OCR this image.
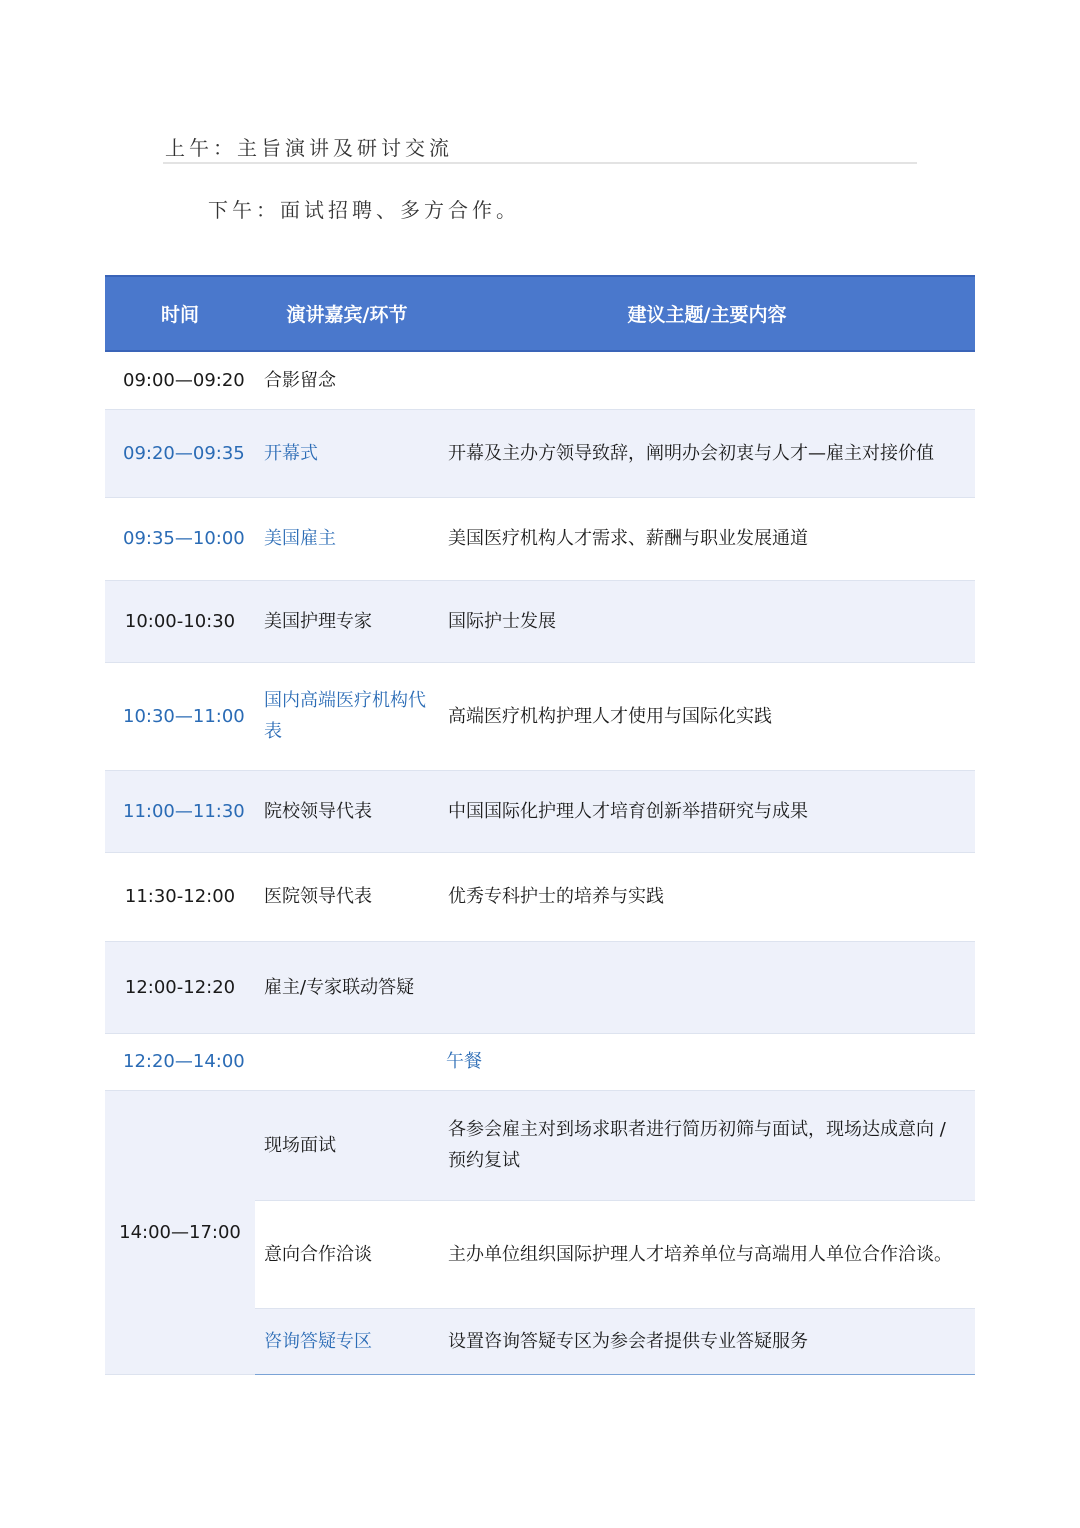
上午：主旨演讲及研讨交流
下午：面试招聘、多方合作。
时间	演讲嘉宾/环节	建议主题/主要内容
09:00—09:20	合影留念	
09:20—09:35	开幕式	开幕及主办方领导致辞，阐明办会初衷与人才—雇主对接价值
09:35—10:00	美国雇主	美国医疗机构人才需求、薪酬与职业发展通道
10:00-10:30	美国护理专家	国际护士发展
10:30—11:00	国内高端医疗机构代表	高端医疗机构护理人才使用与国际化实践
11:00—11:30	院校领导代表	中国国际化护理人才培育创新举措研究与成果
11:30-12:00	医院领导代表	优秀专科护士的培养与实践
12:00-12:20	雇主/专家联动答疑	
12:20—14:00		午餐
14:00—17:00	现场面试	各参会雇主对到场求职者进行简历初筛与面试，现场达成意向 / 预约复试
	意向合作洽谈	主办单位组织国际护理人才培养单位与高端用人单位合作洽谈。
	咨询答疑专区	设置咨询答疑专区为参会者提供专业答疑服务
